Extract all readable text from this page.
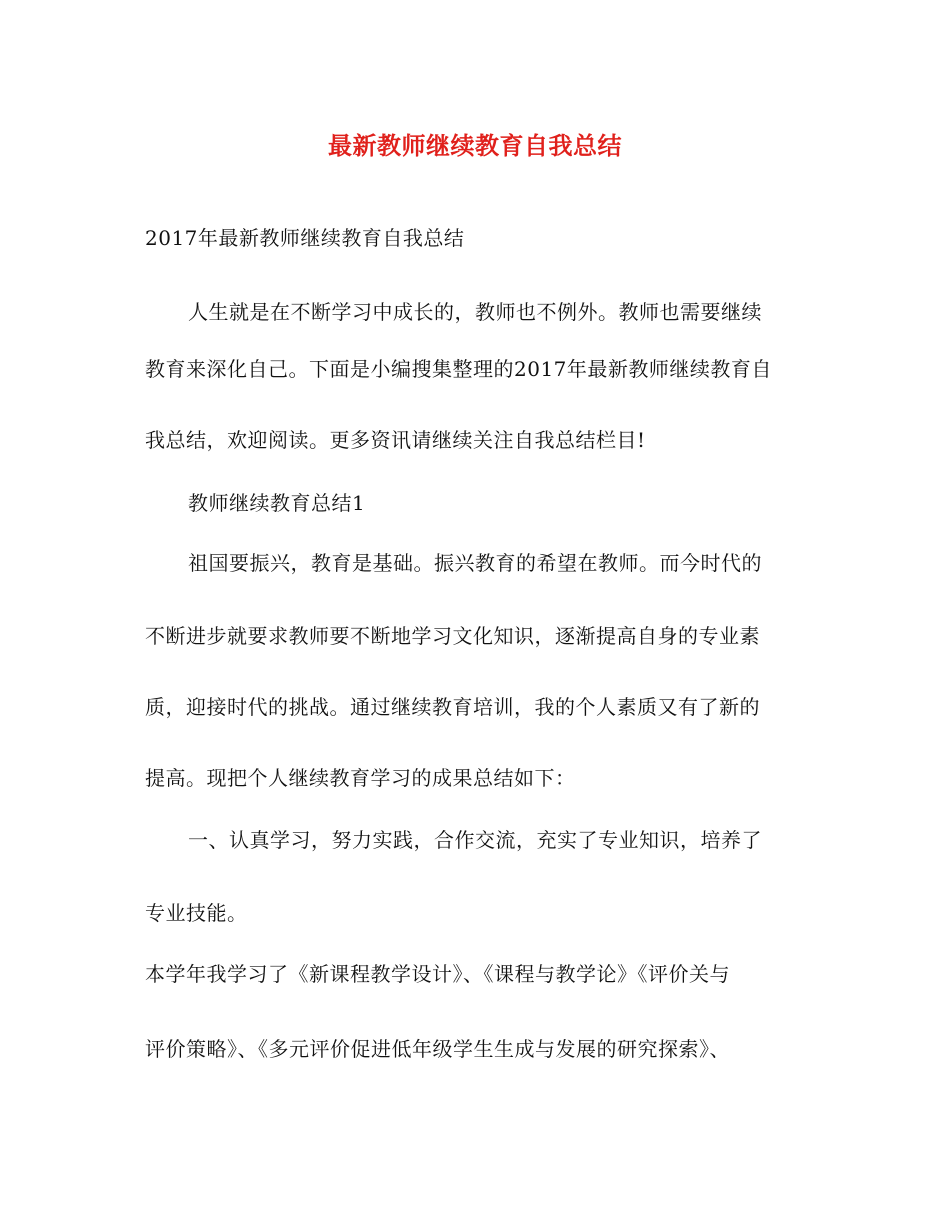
最新教师继续教育自我总结
2017年最新教师继续教育自我总结
人生就是在不断学习中成长的，教师也不例外。教师也需要继续
教育来深化自己。下面是小编搜集整理的2017年最新教师继续教育自
我总结，欢迎阅读。更多资讯请继续关注自我总结栏目!
教师继续教育总结1
祖国要振兴，教育是基础。振兴教育的希望在教师。而今时代的
不断进步就要求教师要不断地学习文化知识，逐渐提高自身的专业素
质，迎接时代的挑战。通过继续教育培训，我的个人素质又有了新的
提高。现把个人继续教育学习的成果总结如下：
一、认真学习，努力实践，合作交流，充实了专业知识，培养了
专业技能。
本学年我学习了《新课程教学设计》、《课程与教学论》《评价关与
评价策略》、《多元评价促进低年级学生生成与发展的研究探索》、
